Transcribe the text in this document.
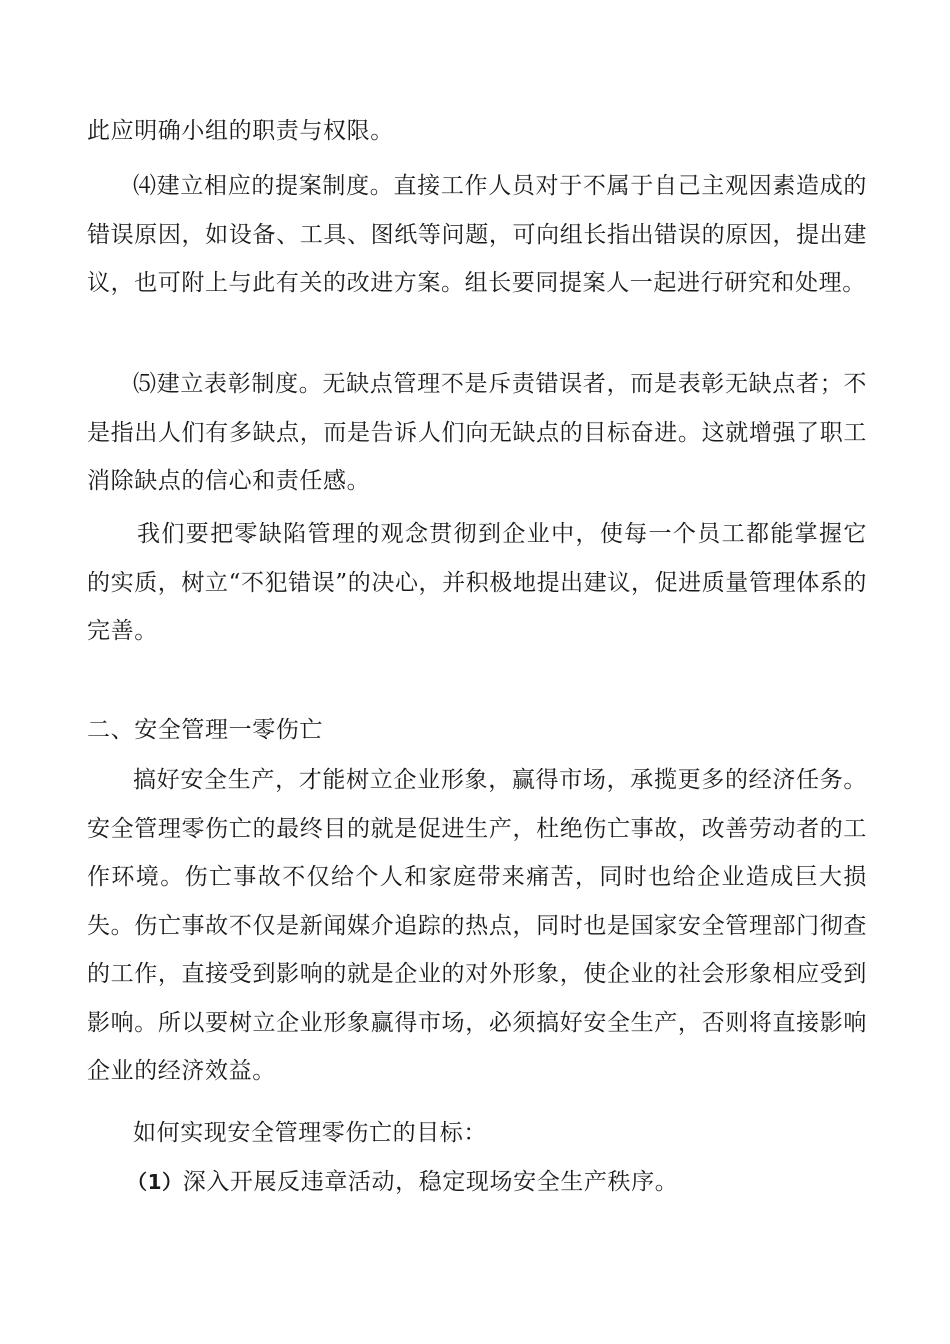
此应明确小组的职责与权限。

⑷建立相应的提案制度。直接工作人员对于不属于自己主观因素造成的错误原因，如设备、工具、图纸等问题，可向组长指出错误的原因，提出建议，也可附上与此有关的改进方案。组长要同提案人一起进行研究和处理。

⑸建立表彰制度。无缺点管理不是斥责错误者，而是表彰无缺点者；不是指出人们有多缺点，而是告诉人们向无缺点的目标奋进。这就增强了职工消除缺点的信心和责任感。

我们要把零缺陷管理的观念贯彻到企业中，使每一个员工都能掌握它的实质，树立“不犯错误”的决心，并积极地提出建议，促进质量管理体系的完善。

二、安全管理一零伤亡

搞好安全生产，才能树立企业形象，赢得市场，承揽更多的经济任务。安全管理零伤亡的最终目的就是促进生产，杜绝伤亡事故，改善劳动者的工作环境。伤亡事故不仅给个人和家庭带来痛苦，同时也给企业造成巨大损失。伤亡事故不仅是新闻媒介追踪的热点，同时也是国家安全管理部门彻查的工作，直接受到影响的就是企业的对外形象，使企业的社会形象相应受到影响。所以要树立企业形象赢得市场，必须搞好安全生产，否则将直接影响企业的经济效益。

如何实现安全管理零伤亡的目标：

（1）深入开展反违章活动，稳定现场安全生产秩序。
